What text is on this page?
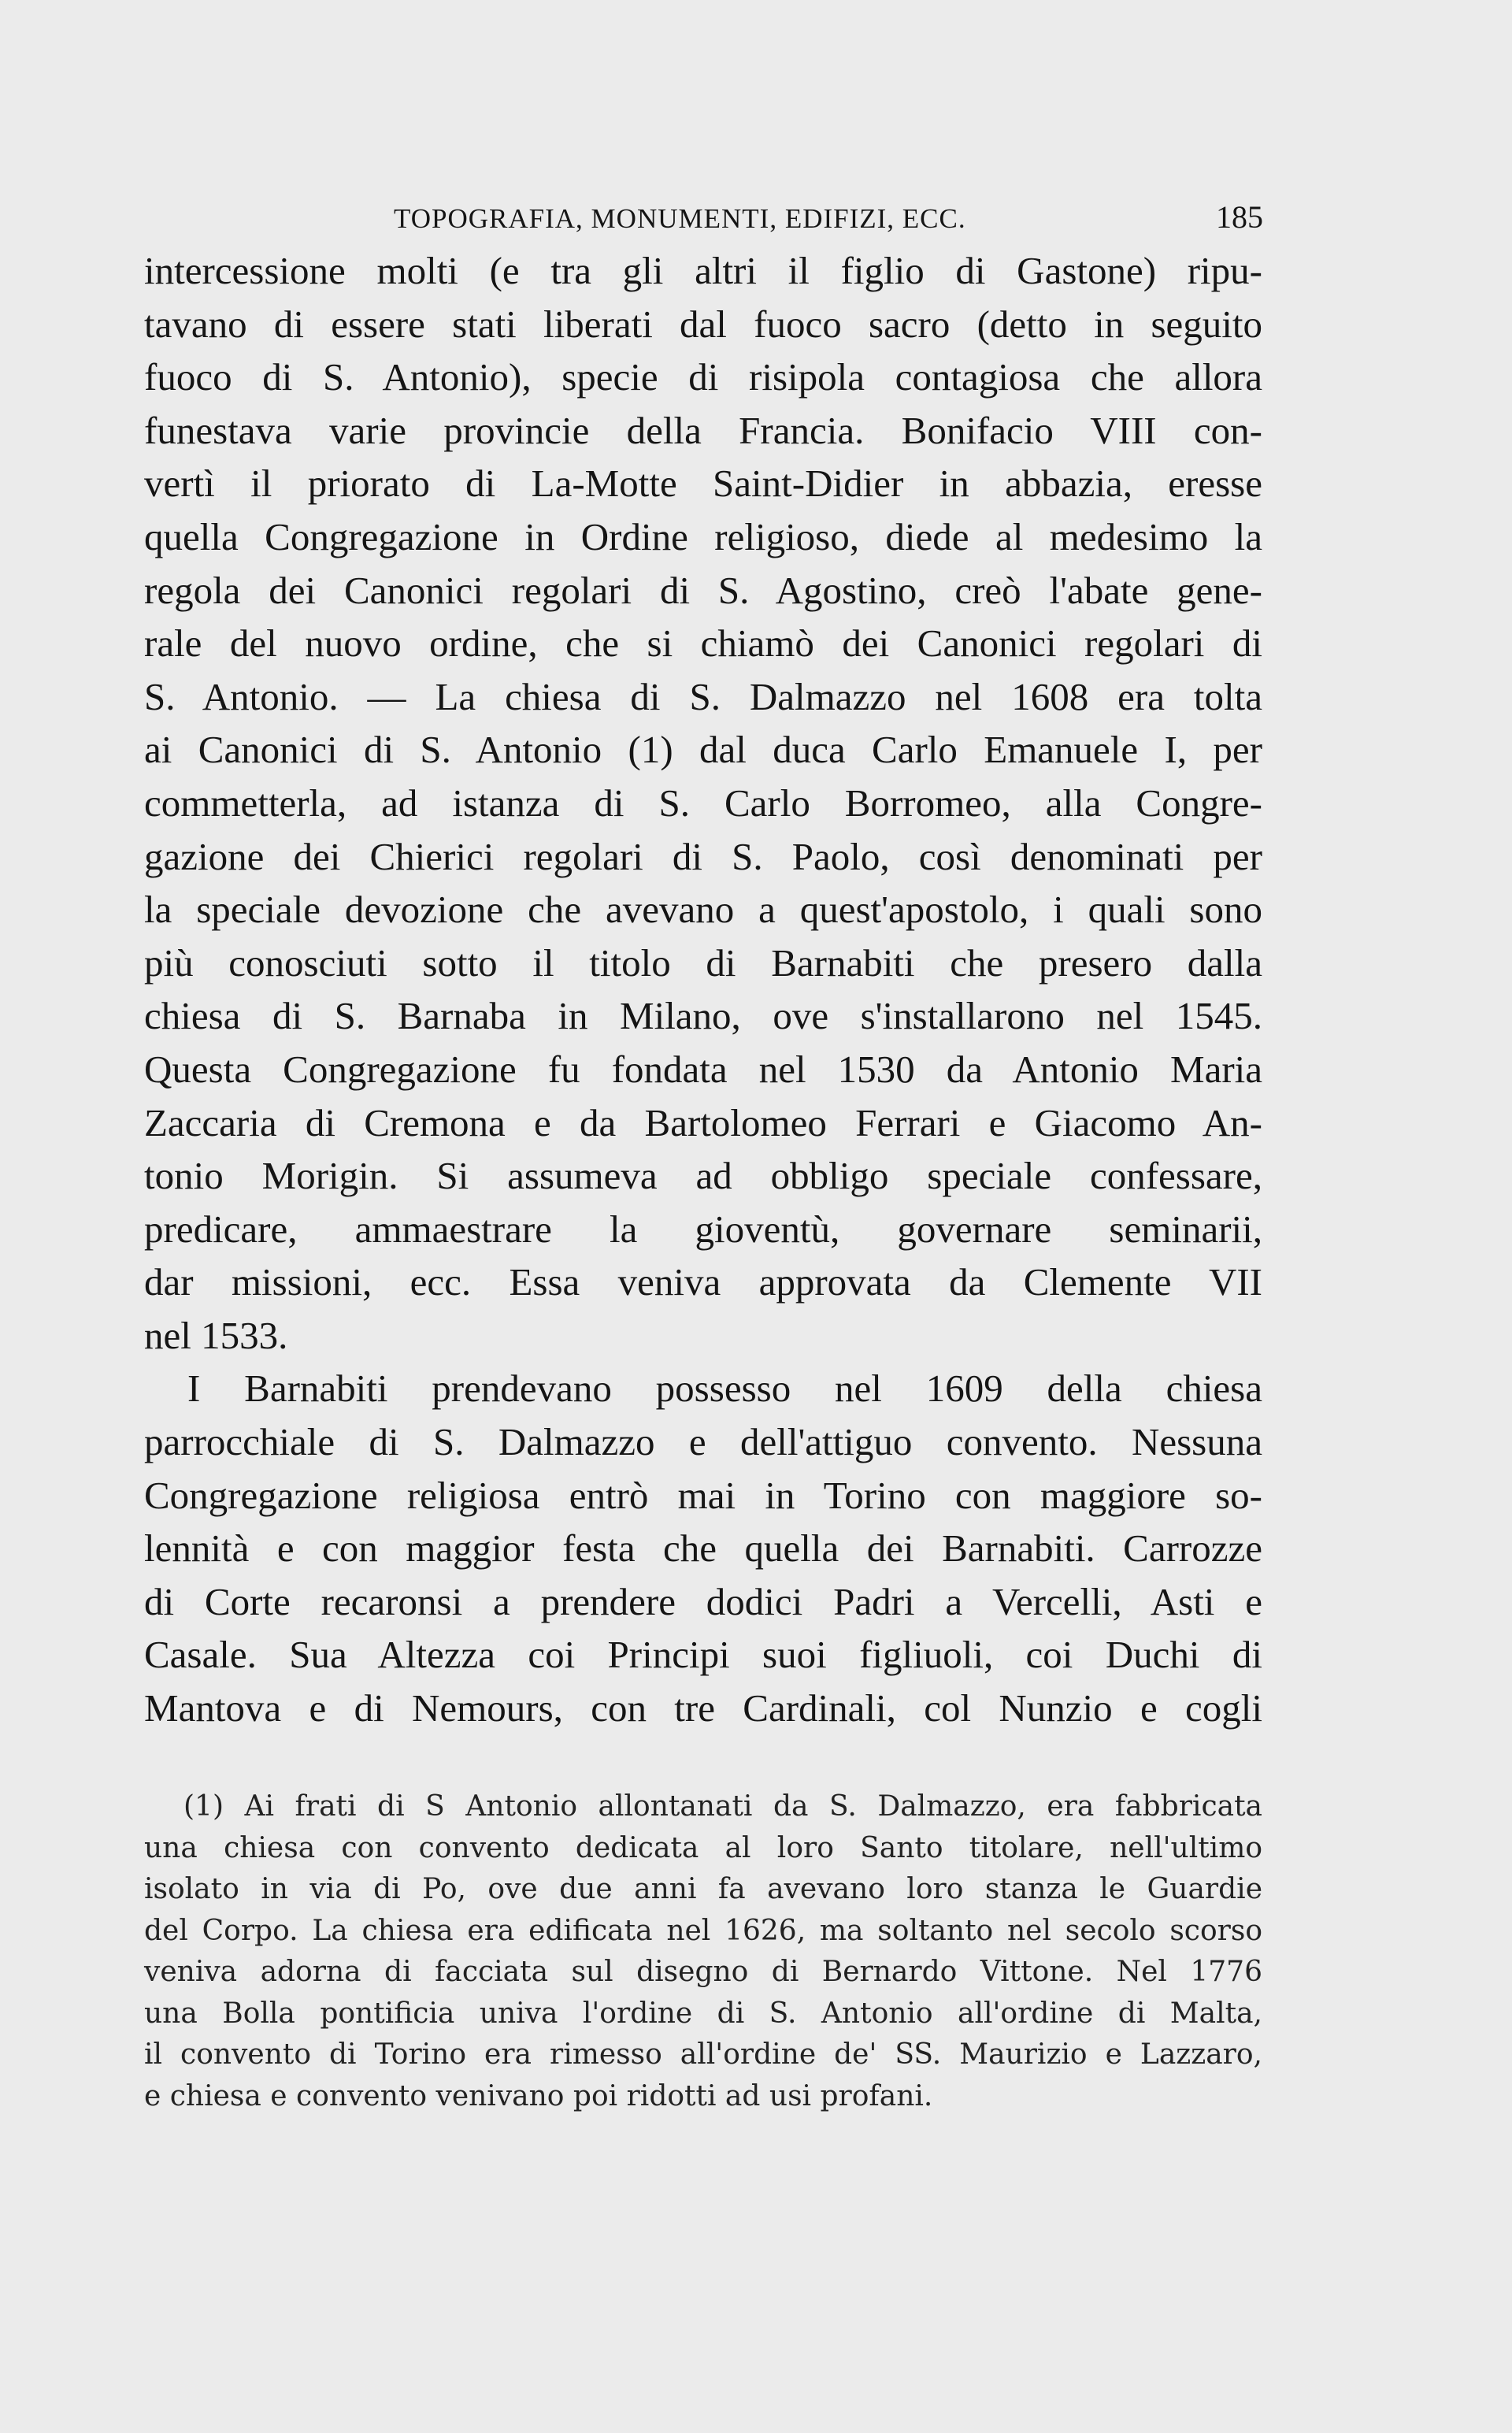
TOPOGRAFIA, MONUMENTI, EDIFIZI, ECC.	185
intercessione molti (e tra gli altri il figlio di Gastone) ripu-
tavano di essere stati liberati dal fuoco sacro (detto in seguito
fuoco di S. Antonio), specie di risipola contagiosa che allora
funestava varie provincie della Francia. Bonifacio VIII con-
vertì il priorato di La-Motte Saint-Didier in abbazia, eresse
quella Congregazione in Ordine religioso, diede al medesimo la
regola dei Canonici regolari di S. Agostino, creò l'abate gene-
rale del nuovo ordine, che si chiamò dei Canonici regolari di
S. Antonio. — La chiesa di S. Dalmazzo nel 1608 era tolta
ai Canonici di S. Antonio (1) dal duca Carlo Emanuele I, per
commetterla, ad istanza di S. Carlo Borromeo, alla Congre-
gazione dei Chierici regolari di S. Paolo, così denominati per
la speciale devozione che avevano a quest'apostolo, i quali sono
più conosciuti sotto il titolo di Barnabiti che presero dalla
chiesa di S. Barnaba in Milano, ove s'installarono nel 1545.
Questa Congregazione fu fondata nel 1530 da Antonio Maria
Zaccaria di Cremona e da Bartolomeo Ferrari e Giacomo An-
tonio Morigin. Si assumeva ad obbligo speciale confessare,
predicare, ammaestrare la gioventù, governare seminarii,
dar missioni, ecc. Essa veniva approvata da Clemente VII
nel 1533.
I Barnabiti prendevano possesso nel 1609 della chiesa
parrocchiale di S. Dalmazzo e dell'attiguo convento. Nessuna
Congregazione religiosa entrò mai in Torino con maggiore so-
lennità e con maggior festa che quella dei Barnabiti. Carrozze
di Corte recaronsi a prendere dodici Padri a Vercelli, Asti e
Casale. Sua Altezza coi Principi suoi figliuoli, coi Duchi di
Mantova e di Nemours, con tre Cardinali, col Nunzio e cogli
(1) Ai frati di S Antonio allontanati da S. Dalmazzo, era fabbricata
una chiesa con convento dedicata al loro Santo titolare, nell'ultimo
isolato in via di Po, ove due anni fa avevano loro stanza le Guardie
del Corpo. La chiesa era edificata nel 1626, ma soltanto nel secolo scorso
veniva adorna di facciata sul disegno di Bernardo Vittone. Nel 1776
una Bolla pontificia univa l'ordine di S. Antonio all'ordine di Malta,
il convento di Torino era rimesso all'ordine de' SS. Maurizio e Lazzaro,
e chiesa e convento venivano poi ridotti ad usi profani.
